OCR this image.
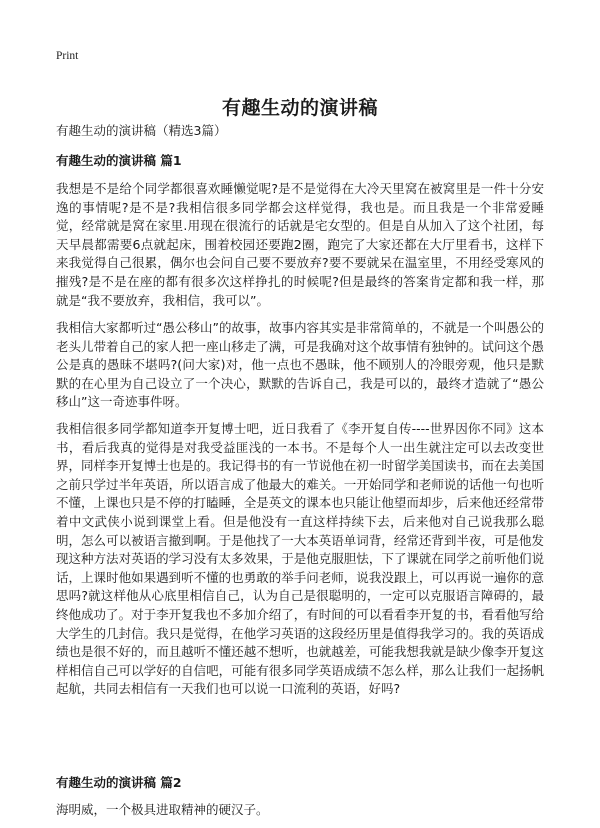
Print
有趣生动的演讲稿
有趣生动的演讲稿（精选3篇）
有趣生动的演讲稿 篇1

我想是不是给个同学都很喜欢睡懒觉呢?是不是觉得在大冷天里窝在被窝里是一件十分安逸的事情呢?是不是?我相信很多同学都会这样觉得，我也是。而且我是一个非常爱睡觉，经常就是窝在家里.用现在很流行的话就是宅女型的。但是自从加入了这个社团，每天早晨都需要6点就起床，围着校园还要跑2圈，跑完了大家还都在大厅里看书，这样下来我觉得自己很累，偶尔也会问自己要不要放弃?要不要就呆在温室里，不用经受寒风的摧残?是不是在座的都有很多次这样挣扎的时候呢?但是最终的答案肯定都和我一样，那就是“我不要放弃，我相信，我可以”。

我相信大家都听过“愚公移山”的故事，故事内容其实是非常简单的，不就是一个叫愚公的老头儿带着自己的家人把一座山移走了满，可是我确对这个故事情有独钟的。试问这个愚公是真的愚昧不堪吗?(问大家)对，他一点也不愚昧，他不顾别人的冷眼旁观，他只是默默的在心里为自己设立了一个决心，默默的告诉自己，我是可以的，最终才造就了“愚公移山”这一奇迹事件呀。

我相信很多同学都知道李开复博士吧，近日我看了《李开复自传----世界因你不同》这本书，看后我真的觉得是对我受益匪浅的一本书。不是每个人一出生就注定可以去改变世界，同样李开复博士也是的。我记得书的有一节说他在初一时留学美国读书，而在去美国之前只学过半年英语，所以语言成了他最大的难关。一开始同学和老师说的话他一句也听不懂，上课也只是不停的打瞌睡，全是英文的课本也只能让他望而却步，后来他还经常带着中文武侠小说到课堂上看。但是他没有一直这样持续下去，后来他对自己说我那么聪明，怎么可以被语言撤到啊。于是他找了一大本英语单词背，经常还背到半夜，可是他发现这种方法对英语的学习没有太多效果，于是他克服胆怯，下了课就在同学之前听他们说话，上课时他如果遇到听不懂的也勇敢的举手问老师，说我没跟上，可以再说一遍你的意思吗?就这样他从心底里相信自己，认为自己是很聪明的，一定可以克服语言障碍的，最终他成功了。对于李开复我也不多加介绍了，有时间的可以看看李开复的书，看看他写给大学生的几封信。我只是觉得，在他学习英语的这段经历里是值得我学习的。我的英语成绩也是很不好的，而且越听不懂还越不想听，也就越差，可能我想我就是缺少像李开复这样相信自己可以学好的自信吧，可能有很多同学英语成绩不怎么样，那么让我们一起扬帆起航，共同去相信有一天我们也可以说一口流利的英语，好吗?

有趣生动的演讲稿 篇2

海明威，一个极具进取精神的硬汉子。
